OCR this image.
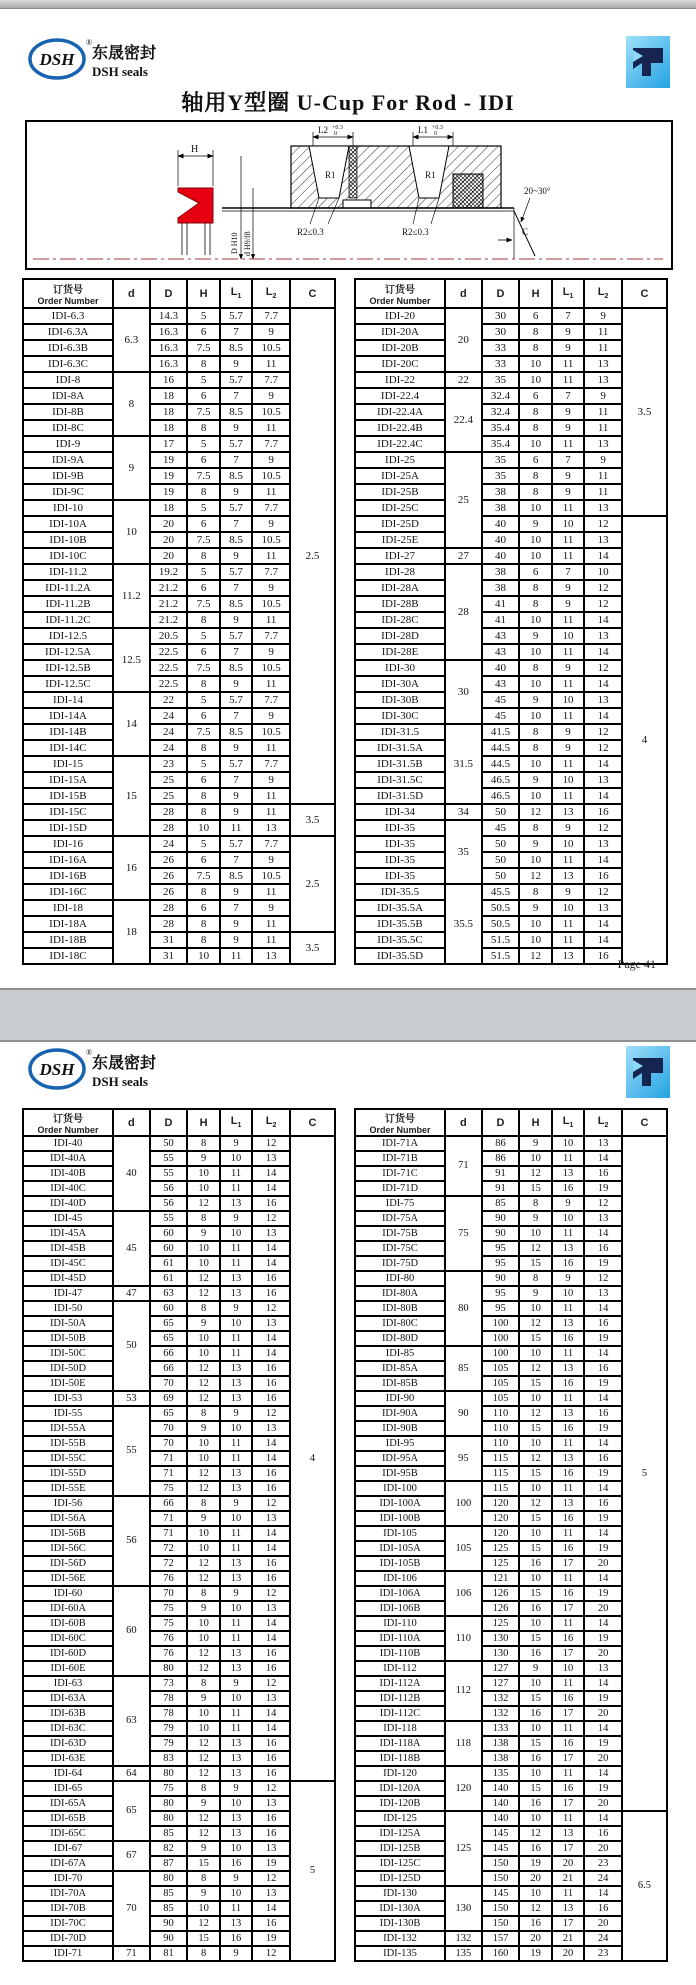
DSH
®
东晟密封
DSH seals
轴用Y型圈 U-Cup For Rod - IDI
R1	R1
20~30°
C
L2 +0.3
0	L1 +0.3
0
R2≤0.3	R2≤0.3
H
D H10 d H9/f8
订货号
Order Number	d	D	H	$L_1$	$L_2$	C
IDI-6.3	6.3	14.3	5	5.7	7.7	2.5
IDI-6.3A		16.3	6	7	9	
IDI-6.3B		16.3	7.5	8.5	10.5	
IDI-6.3C		16.3	8	9	11	
IDI-8	8	16	5	5.7	7.7	
IDI-8A		18	6	7	9	
IDI-8B		18	7.5	8.5	10.5	
IDI-8C		18	8	9	11	
IDI-9	9	17	5	5.7	7.7	
IDI-9A		19	6	7	9	
IDI-9B		19	7.5	8.5	10.5	
IDI-9C		19	8	9	11	
IDI-10	10	18	5	5.7	7.7	
IDI-10A		20	6	7	9	
IDI-10B		20	7.5	8.5	10.5	
IDI-10C		20	8	9	11	
IDI-11.2	11.2	19.2	5	5.7	7.7	
IDI-11.2A		21.2	6	7	9	
IDI-11.2B		21.2	7.5	8.5	10.5	
IDI-11.2C		21.2	8	9	11	
IDI-12.5	12.5	20.5	5	5.7	7.7	
IDI-12.5A		22.5	6	7	9	
IDI-12.5B		22.5	7.5	8.5	10.5	
IDI-12.5C		22.5	8	9	11	
IDI-14	14	22	5	5.7	7.7	
IDI-14A		24	6	7	9	
IDI-14B		24	7.5	8.5	10.5	
IDI-14C		24	8	9	11	
IDI-15	15	23	5	5.7	7.7	
IDI-15A		25	6	7	9	
IDI-15B		25	8	9	11	
IDI-15C		28	8	9	11	3.5
IDI-15D		28	10	11	13	
IDI-16	16	24	5	5.7	7.7	2.5
IDI-16A		26	6	7	9	
IDI-16B		26	7.5	8.5	10.5	
IDI-16C		26	8	9	11	
IDI-18	18	28	6	7	9	
IDI-18A		28	8	9	11	
IDI-18B		31	8	9	11	3.5
IDI-18C		31	10	11	13	
订货号
Order Number	d	D	H	$L_1$	$L_2$	C
IDI-20	20	30	6	7	9	3.5
IDI-20A		30	8	9	11	
IDI-20B		33	8	9	11	
IDI-20C		33	10	11	13	
IDI-22	22	35	10	11	13	
IDI-22.4	22.4	32.4	6	7	9	
IDI-22.4A		32.4	8	9	11	
IDI-22.4B		35.4	8	9	11	
IDI-22.4C		35.4	10	11	13	
IDI-25	25	35	6	7	9	
IDI-25A		35	8	9	11	
IDI-25B		38	8	9	11	
IDI-25C		38	10	11	13	
IDI-25D		40	9	10	12	4
IDI-25E		40	10	11	13	
IDI-27	27	40	10	11	14	
IDI-28	28	38	6	7	10	
IDI-28A		38	8	9	12	
IDI-28B		41	8	9	12	
IDI-28C		41	10	11	14	
IDI-28D		43	9	10	13	
IDI-28E		43	10	11	14	
IDI-30	30	40	8	9	12	
IDI-30A		43	10	11	14	
IDI-30B		45	9	10	13	
IDI-30C		45	10	11	14	
IDI-31.5	31.5	41.5	8	9	12	
IDI-31.5A		44.5	8	9	12	
IDI-31.5B		44.5	10	11	14	
IDI-31.5C		46.5	9	10	13	
IDI-31.5D		46.5	10	11	14	
IDI-34	34	50	12	13	16	
IDI-35	35	45	8	9	12	
IDI-35		50	9	10	13	
IDI-35		50	10	11	14	
IDI-35		50	12	13	16	
IDI-35.5	35.5	45.5	8	9	12	
IDI-35.5A		50.5	9	10	13	
IDI-35.5B		50.5	10	11	14	
IDI-35.5C		51.5	10	11	14	
IDI-35.5D		51.5	12	13	16	
Page 41
DSH
®
东晟密封
DSH seals
订货号
Order Number	d	D	H	$L_1$	$L_2$	C
IDI-40	40	50	8	9	12	4
IDI-40A		55	9	10	13	
IDI-40B		55	10	11	14	
IDI-40C		56	10	11	14	
IDI-40D		56	12	13	16	
IDI-45	45	55	8	9	12	
IDI-45A		60	9	10	13	
IDI-45B		60	10	11	14	
IDI-45C		61	10	11	14	
IDI-45D		61	12	13	16	
IDI-47	47	63	12	13	16	
IDI-50	50	60	8	9	12	
IDI-50A		65	9	10	13	
IDI-50B		65	10	11	14	
IDI-50C		66	10	11	14	
IDI-50D		66	12	13	16	
IDI-50E		70	12	13	16	
IDI-53	53	69	12	13	16	
IDI-55	55	65	8	9	12	
IDI-55A		70	9	10	13	
IDI-55B		70	10	11	14	
IDI-55C		71	10	11	14	
IDI-55D		71	12	13	16	
IDI-55E		75	12	13	16	
IDI-56	56	66	8	9	12	
IDI-56A		71	9	10	13	
IDI-56B		71	10	11	14	
IDI-56C		72	10	11	14	
IDI-56D		72	12	13	16	
IDI-56E		76	12	13	16	
IDI-60	60	70	8	9	12	
IDI-60A		75	9	10	13	
IDI-60B		75	10	11	14	
IDI-60C		76	10	11	14	
IDI-60D		76	12	13	16	
IDI-60E		80	12	13	16	
IDI-63	63	73	8	9	12	
IDI-63A		78	9	10	13	
IDI-63B		78	10	11	14	
IDI-63C		79	10	11	14	
IDI-63D		79	12	13	16	
IDI-63E		83	12	13	16	
IDI-64	64	80	12	13	16	
IDI-65	65	75	8	9	12	5
IDI-65A		80	9	10	13	
IDI-65B		80	12	13	16	
IDI-65C		85	12	13	16	
IDI-67	67	82	9	10	13	
IDI-67A		87	15	16	19	
IDI-70	70	80	8	9	12	
IDI-70A		85	9	10	13	
IDI-70B		85	10	11	14	
IDI-70C		90	12	13	16	
IDI-70D		90	15	16	19	
IDI-71	71	81	8	9	12	
订货号
Order Number	d	D	H	$L_1$	$L_2$	C
IDI-71A	71	86	9	10	13	5
IDI-71B		86	10	11	14	
IDI-71C		91	12	13	16	
IDI-71D		91	15	16	19	
IDI-75	75	85	8	9	12	
IDI-75A		90	9	10	13	
IDI-75B		90	10	11	14	
IDI-75C		95	12	13	16	
IDI-75D		95	15	16	19	
IDI-80	80	90	8	9	12	
IDI-80A		95	9	10	13	
IDI-80B		95	10	11	14	
IDI-80C		100	12	13	16	
IDI-80D		100	15	16	19	
IDI-85	85	100	10	11	14	
IDI-85A		105	12	13	16	
IDI-85B		105	15	16	19	
IDI-90	90	105	10	11	14	
IDI-90A		110	12	13	16	
IDI-90B		110	15	16	19	
IDI-95	95	110	10	11	14	
IDI-95A		115	12	13	16	
IDI-95B		115	15	16	19	
IDI-100	100	115	10	11	14	
IDI-100A		120	12	13	16	
IDI-100B		120	15	16	19	
IDI-105	105	120	10	11	14	
IDI-105A		125	15	16	19	
IDI-105B		125	16	17	20	
IDI-106	106	121	10	11	14	
IDI-106A		126	15	16	19	
IDI-106B		126	16	17	20	
IDI-110	110	125	10	11	14	
IDI-110A		130	15	16	19	
IDI-110B		130	16	17	20	
IDI-112	112	127	9	10	13	
IDI-112A		127	10	11	14	
IDI-112B		132	15	16	19	
IDI-112C		132	16	17	20	
IDI-118	118	133	10	11	14	
IDI-118A		138	15	16	19	
IDI-118B		138	16	17	20	
IDI-120	120	135	10	11	14	
IDI-120A		140	15	16	19	
IDI-120B		140	16	17	20	
IDI-125	125	140	10	11	14	6.5
IDI-125A		145	12	13	16	
IDI-125B		145	16	17	20	
IDI-125C		150	19	20	23	
IDI-125D		150	20	21	24	
IDI-130	130	145	10	11	14	
IDI-130A		150	12	13	16	
IDI-130B		150	16	17	20	
IDI-132	132	157	20	21	24	
IDI-135	135	160	19	20	23	
